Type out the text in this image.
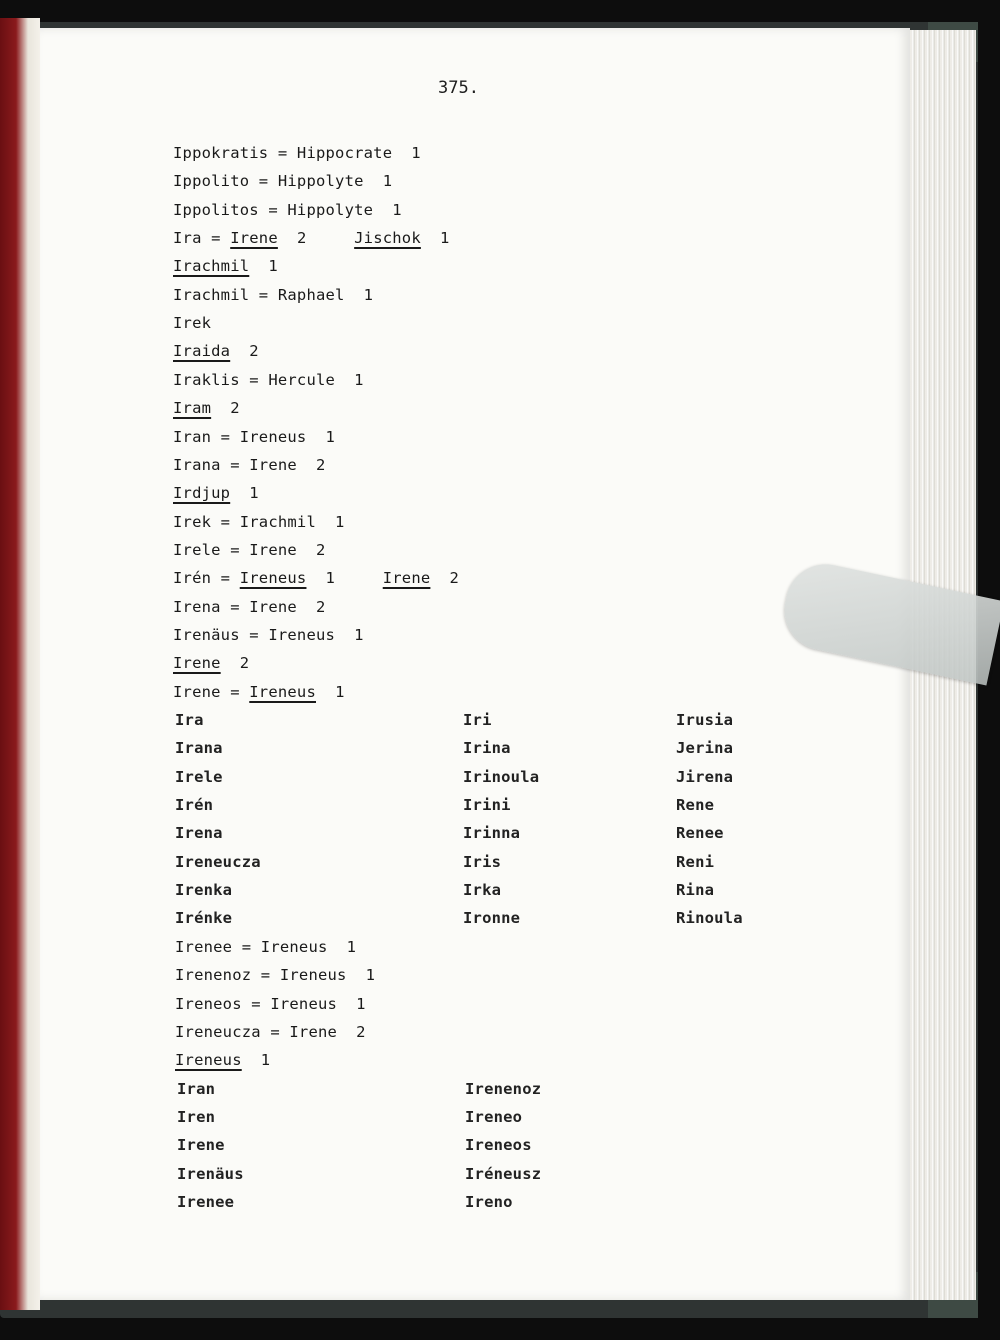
375.
Ippokratis = Hippocrate  1
Ippolito = Hippolyte  1
Ippolitos = Hippolyte  1
Ira = Irene  2     Jischok  1
Irachmil  1
Irachmil = Raphael  1
Irek
Iraida  2
Iraklis = Hercule  1
Iram  2
Iran = Ireneus  1
Irana = Irene  2
Irdjup  1
Irek = Irachmil  1
Irele = Irene  2
Irén = Ireneus  1     Irene  2
Irena = Irene  2
Irenäus = Ireneus  1
Irene  2
Irene = Ireneus  1
Ira
Irana
Irele
Irén
Irena
Ireneucza
Irenka
Irénke
Iri
Irina
Irinoula
Irini
Irinna
Iris
Irka
Ironne
Irusia
Jerina
Jirena
Rene
Renee
Reni
Rina
Rinoula
Irenee = Ireneus  1
Irenenoz = Ireneus  1
Ireneos = Ireneus  1
Ireneucza = Irene  2
Ireneus  1
Iran
Iren
Irene
Irenäus
Irenee
Irenenoz
Ireneo
Ireneos
Iréneusz
Ireno
